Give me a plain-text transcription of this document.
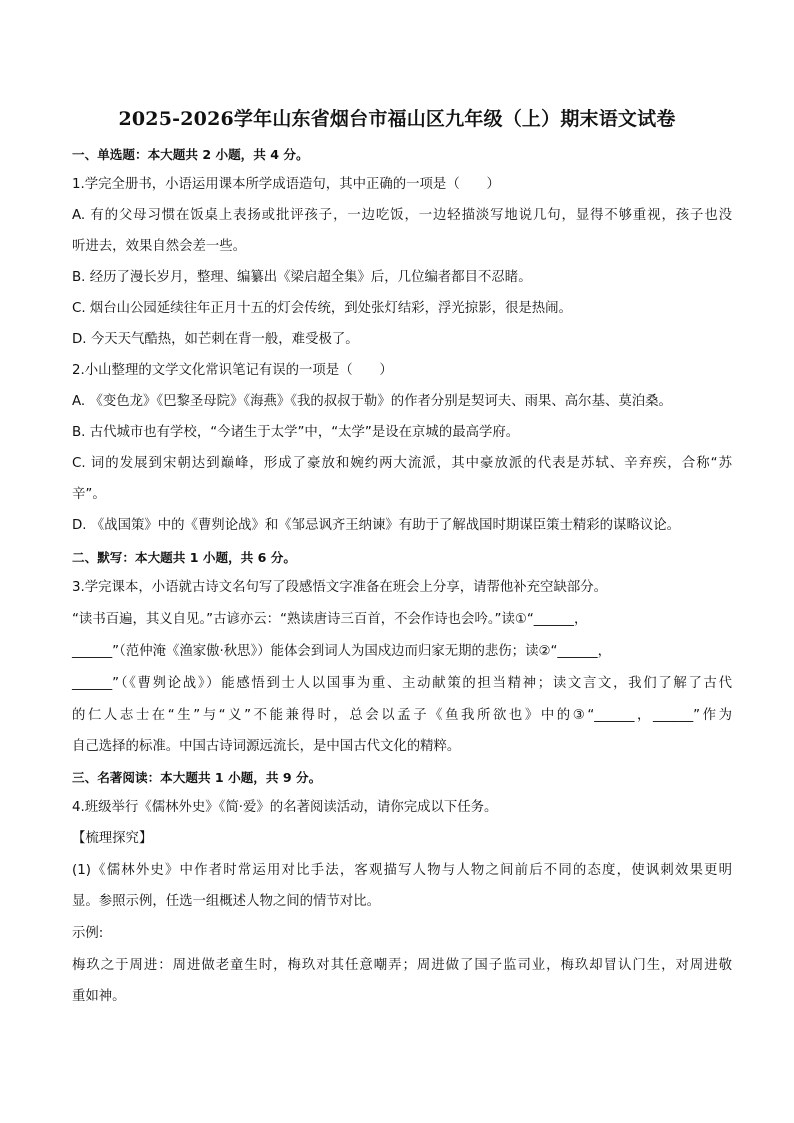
2025-2026学年山东省烟台市福山区九年级（上）期末语文试卷
一、单选题：本大题共 2 小题，共 4 分。
1.学完全册书，小语运用课本所学成语造句，其中正确的一项是（　　）
A. 有的父母习惯在饭桌上表扬或批评孩子，一边吃饭，一边轻描淡写地说几句，显得不够重视，孩子也没
听进去，效果自然会差一些。
B. 经历了漫长岁月，整理、编纂出《梁启超全集》后，几位编者都目不忍睹。
C. 烟台山公园延续往年正月十五的灯会传统，到处张灯结彩，浮光掠影，很是热闹。
D. 今天天气酷热，如芒刺在背一般，难受极了。
2.小山整理的文学文化常识笔记有误的一项是（　　）
A. 《变色龙》《巴黎圣母院》《海燕》《我的叔叔于勒》的作者分别是契诃夫、雨果、高尔基、莫泊桑。
B. 古代城市也有学校，“今诸生于太学”中，“太学”是设在京城的最高学府。
C. 词的发展到宋朝达到巅峰，形成了豪放和婉约两大流派，其中豪放派的代表是苏轼、辛弃疾，合称“苏
辛”。
D. 《战国策》中的《曹刿论战》和《邹忌讽齐王纳谏》有助于了解战国时期谋臣策士精彩的谋略议论。
二、默写：本大题共 1 小题，共 6 分。
3.学完课本，小语就古诗文名句写了段感悟文字准备在班会上分享，请帮他补充空缺部分。
“读书百遍，其义自见。”古谚亦云：“熟读唐诗三百首，不会作诗也会吟。”读①“______，
______”（范仲淹《渔家傲·秋思》）能体会到词人为国戍边而归家无期的悲伤；读②“______，
______”（《曹刿论战》）能感悟到士人以国事为重、主动献策的担当精神；读文言文，我们了解了古代
的仁人志士在“生”与“义”不能兼得时，总会以孟子《鱼我所欲也》中的③“______，______”作为
自己选择的标准。中国古诗词源远流长，是中国古代文化的精粹。
三、名著阅读：本大题共 1 小题，共 9 分。
4.班级举行《儒林外史》《简·爱》的名著阅读活动，请你完成以下任务。
【梳理探究】
(1)《儒林外史》中作者时常运用对比手法，客观描写人物与人物之间前后不同的态度，使讽刺效果更明
显。参照示例，任选一组概述人物之间的情节对比。
示例:
梅玖之于周进：周进做老童生时，梅玖对其任意嘲弄；周进做了国子监司业，梅玖却冒认门生，对周进敬
重如神。
